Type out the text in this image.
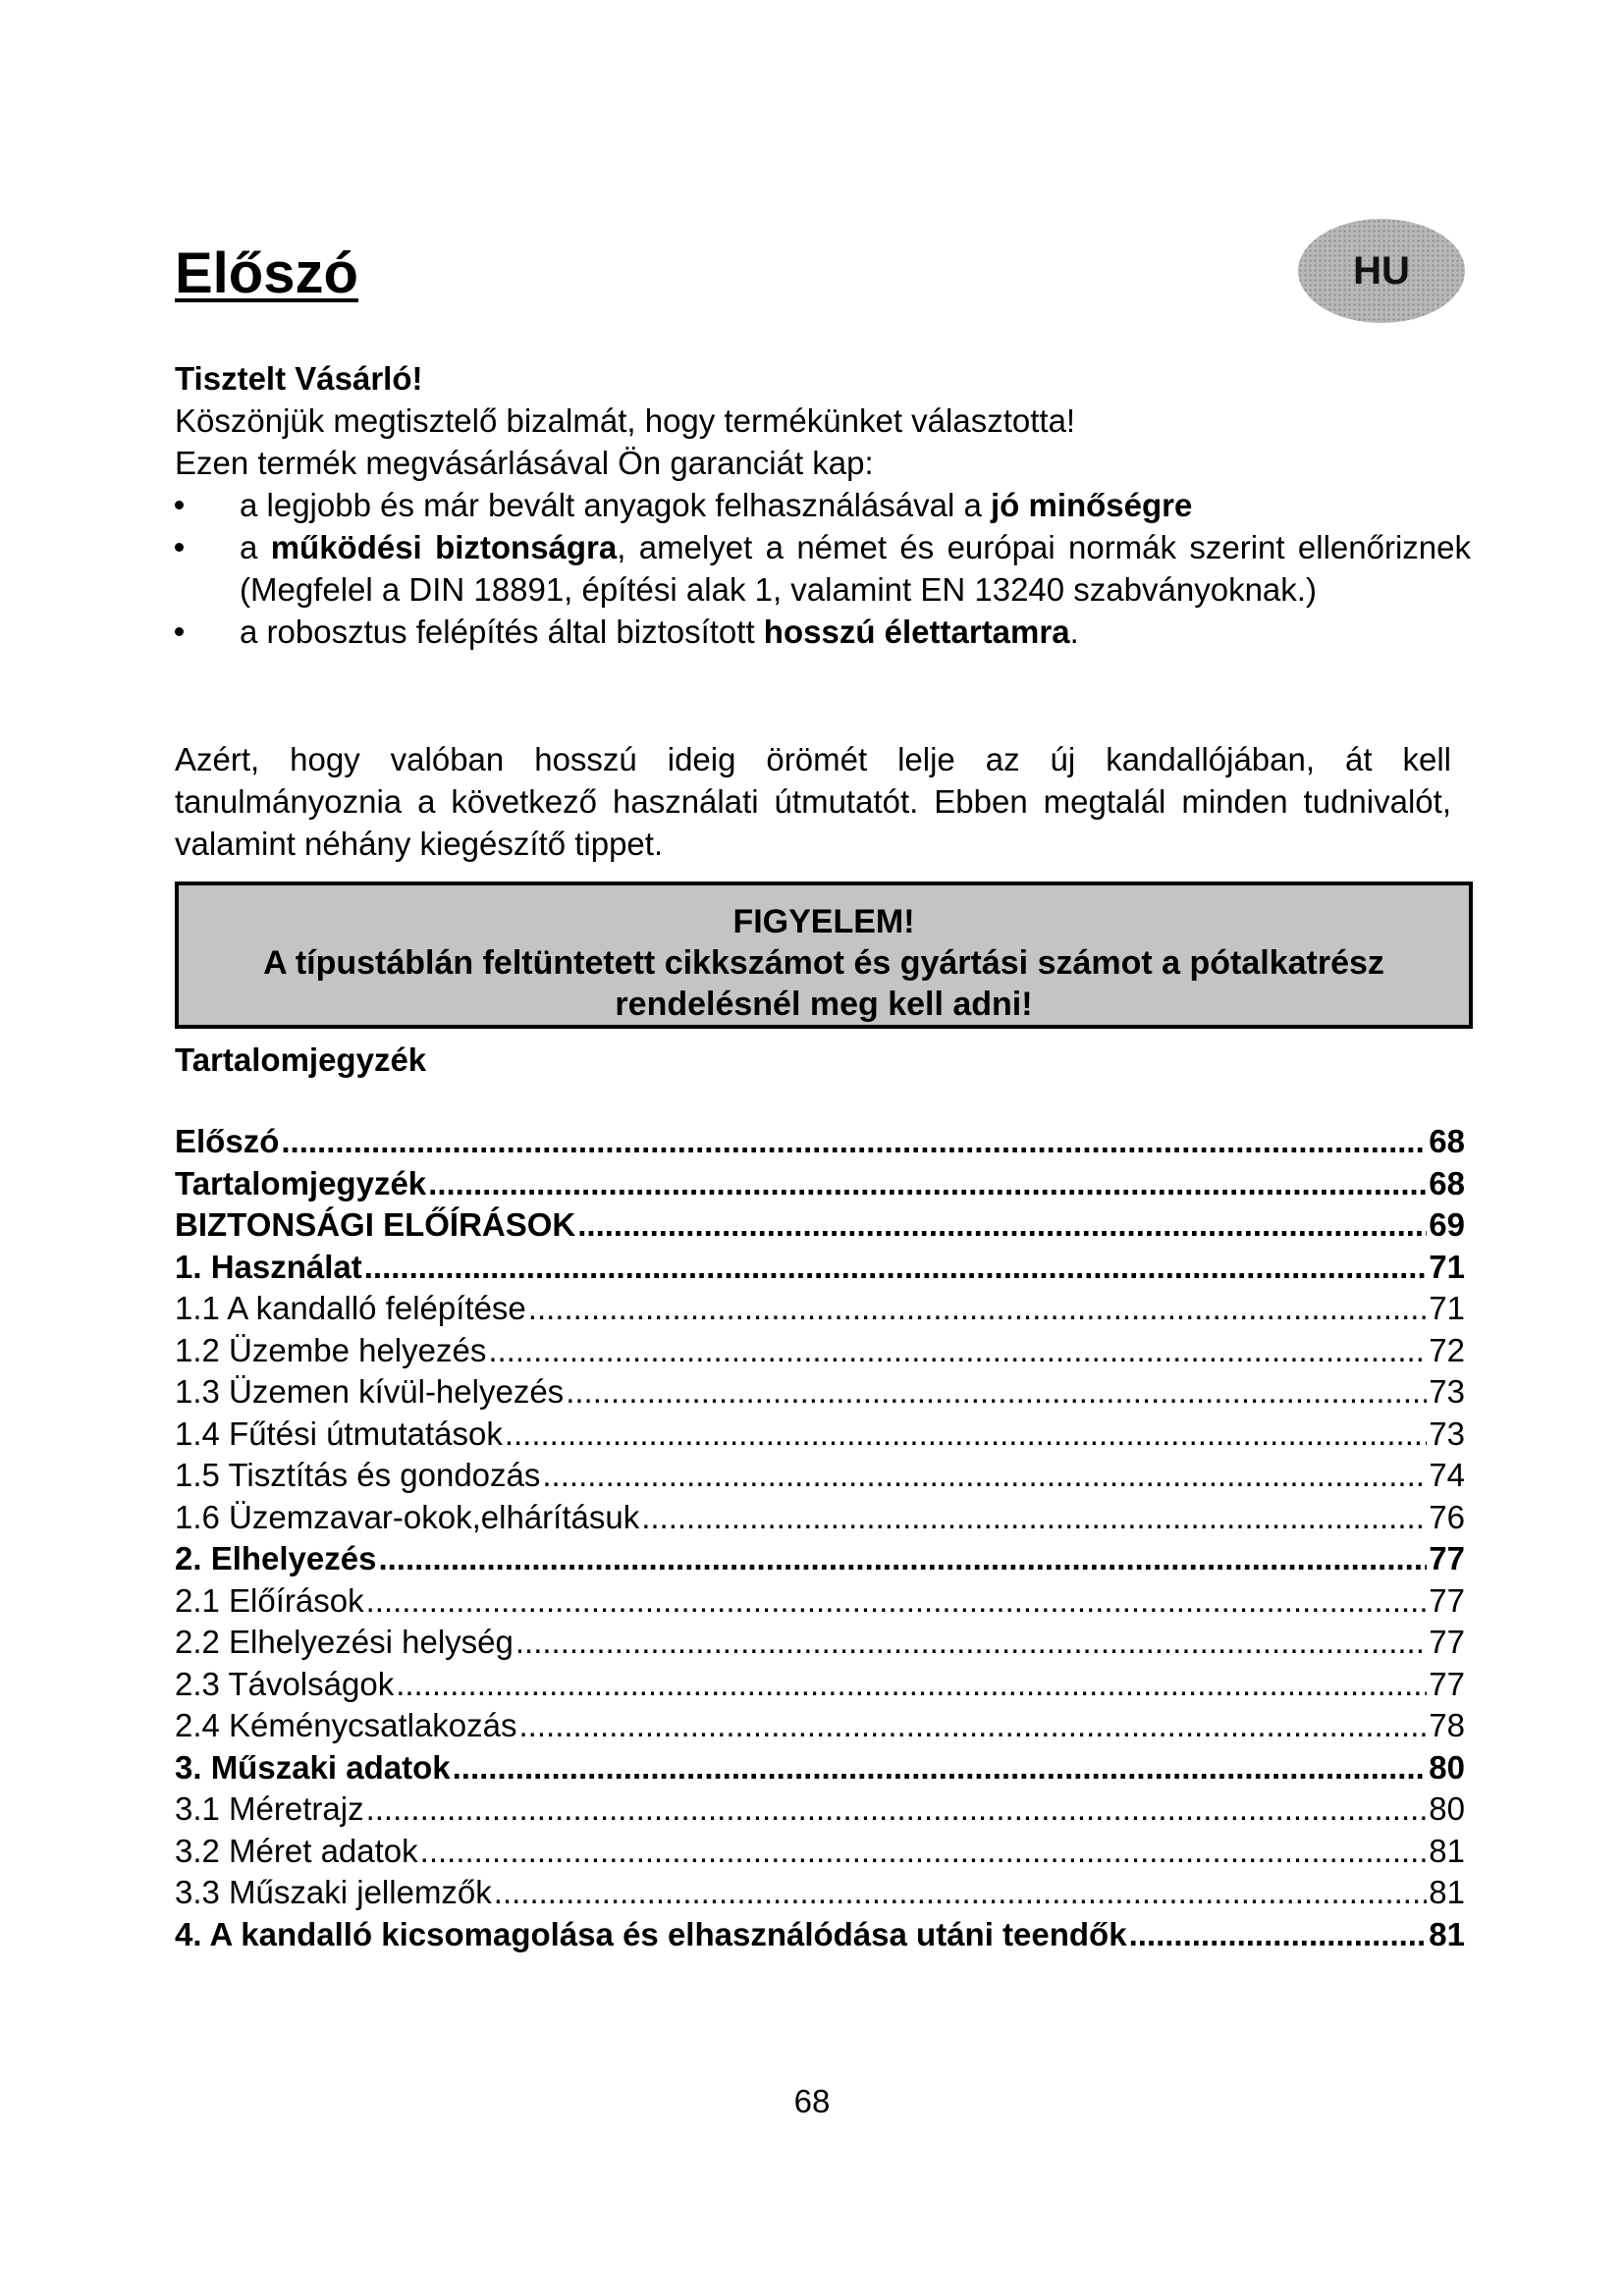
Előszó	HU

Tisztelt Vásárló!

Köszönjük megtisztelő bizalmát, hogy termékünket választotta!

Ezen termék megvásárlásával Ön garanciát kap:

a legjobb és már bevált anyagok felhasználásával a jó minőségre
a működési biztonságra, amelyet a német és európai normák szerint ellenőriznek (Megfelel a DIN 18891, építési alak 1, valamint EN 13240 szabványoknak.)
a robosztus felépítés által biztosított hosszú élettartamra.

Azért, hogy valóban hosszú ideig örömét lelje az új kandallójában, át kell tanulmányoznia a következő használati útmutatót. Ebben megtalál minden tudnivalót, valamint néhány kiegészítő tippet.

FIGYELEM!
A típustáblán feltüntetett cikkszámot és gyártási számot a pótalkatrész
rendelésnél meg kell adni!
Tartalomjegyzék
Előszó .....	68
Tartalomjegyzék .....	68
BIZTONSÁGI ELŐÍRÁSOK .....	69
1. Használat .....	71
1.1 A kandalló felépítése .....	71
1.2 Üzembe helyezés .....	72
1.3 Üzemen kívül-helyezés .....	73
1.4 Fűtési útmutatások .....	73
1.5 Tisztítás és gondozás .....	74
1.6 Üzemzavar-okok,elhárításuk .....	76
2. Elhelyezés .....	77
2.1 Előírások .....	77
2.2 Elhelyezési helység .....	77
2.3 Távolságok .....	77
2.4 Kéménycsatlakozás .....	78
3. Műszaki adatok .....	80
3.1 Méretrajz .....	80
3.2 Méret adatok .....	81
3.3 Műszaki jellemzők .....	81
4. A kandalló kicsomagolása és elhasználódása utáni teendők .....	81
68
